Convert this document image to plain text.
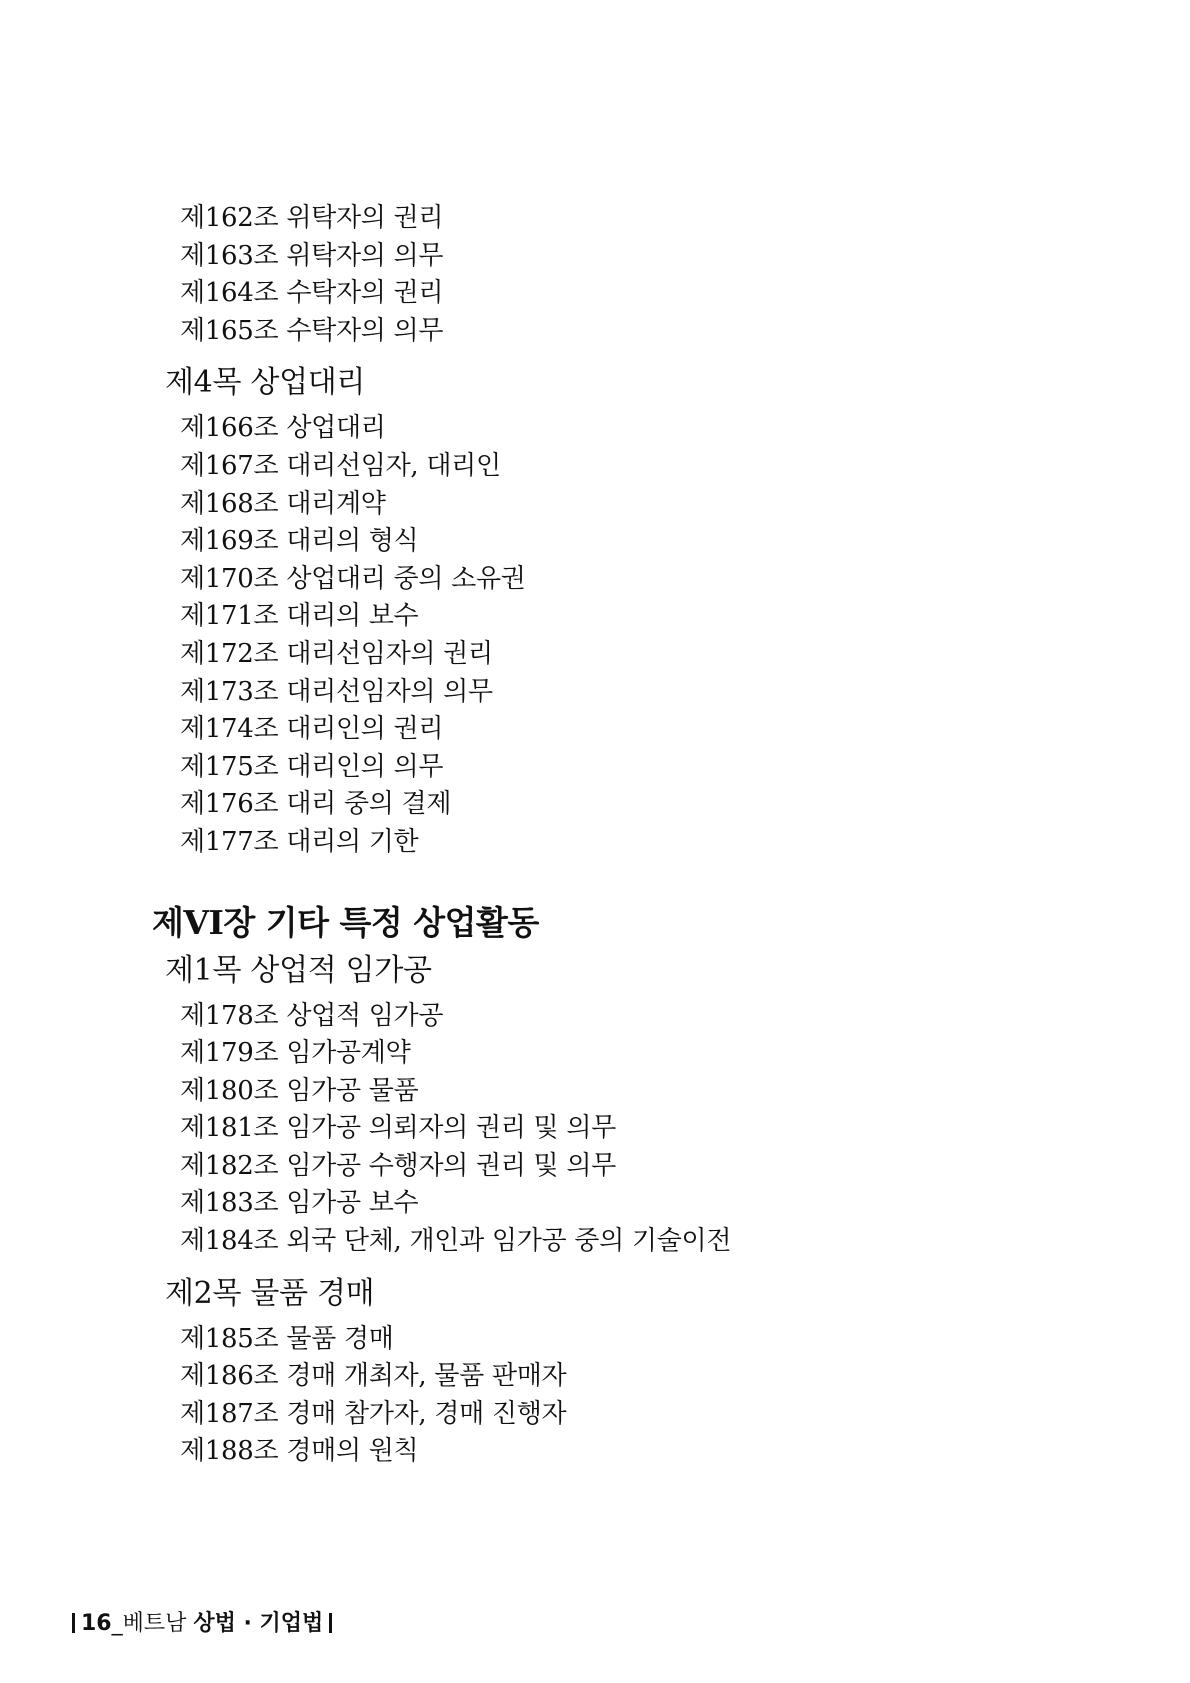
제162조 위탁자의 권리
제163조 위탁자의 의무
제164조 수탁자의 권리
제165조 수탁자의 의무
제4목 상업대리
제166조 상업대리
제167조 대리선임자, 대리인
제168조 대리계약
제169조 대리의 형식
제170조 상업대리 중의 소유권
제171조 대리의 보수
제172조 대리선임자의 권리
제173조 대리선임자의 의무
제174조 대리인의 권리
제175조 대리인의 의무
제176조 대리 중의 결제
제177조 대리의 기한
제VI장 기타 특정 상업활동
제1목 상업적 임가공
제178조 상업적 임가공
제179조 임가공계약
제180조 임가공 물품
제181조 임가공 의뢰자의 권리 및 의무
제182조 임가공 수행자의 권리 및 의무
제183조 임가공 보수
제184조 외국 단체, 개인과 임가공 중의 기술이전
제2목 물품 경매
제185조 물품 경매
제186조 경매 개최자, 물품 판매자
제187조 경매 참가자, 경매 진행자
제188조 경매의 원칙
16_베트남 상법 · 기업법
